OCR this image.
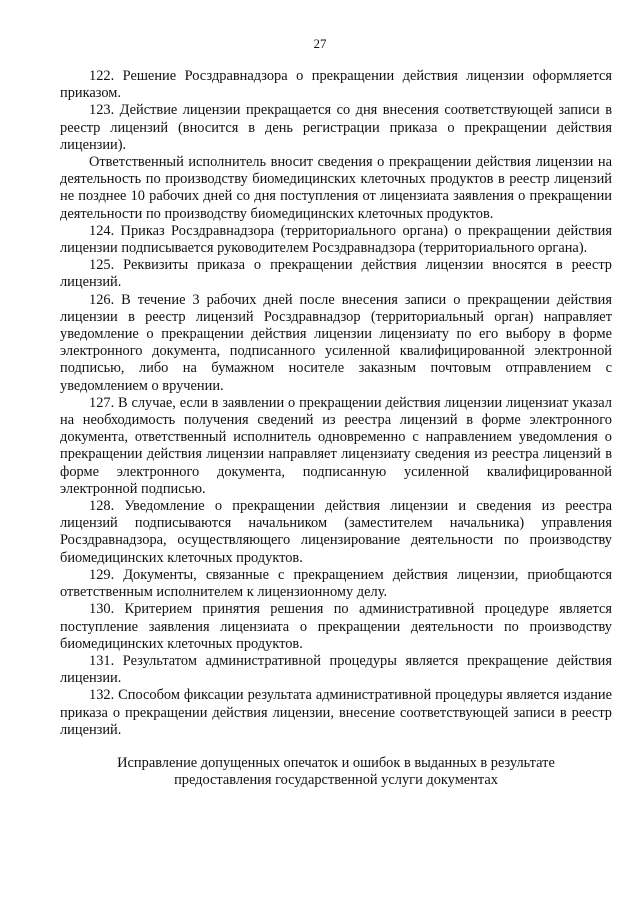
27

122. Решение Росздравнадзора о прекращении действия лицензии оформляется приказом.

123. Действие лицензии прекращается со дня внесения соответствующей записи в реестр лицензий (вносится в день регистрации приказа о прекращении действия лицензии).

Ответственный исполнитель вносит сведения о прекращении действия лицензии на деятельность по производству биомедицинских клеточных продуктов в реестр лицензий не позднее 10 рабочих дней со дня поступления от лицензиата заявления о прекращении деятельности по производству биомедицинских клеточных продуктов.

124. Приказ Росздравнадзора (территориального органа) о прекращении действия лицензии подписывается руководителем Росздравнадзора (территориального органа).

125. Реквизиты приказа о прекращении действия лицензии вносятся в реестр лицензий.

126. В течение 3 рабочих дней после внесения записи о прекращении действия лицензии в реестр лицензий Росздравнадзор (территориальный орган) направляет уведомление о прекращении действия лицензии лицензиату по его выбору в форме электронного документа, подписанного усиленной квалифицированной электронной подписью, либо на бумажном носителе заказным почтовым отправлением с уведомлением о вручении.

127. В случае, если в заявлении о прекращении действия лицензии лицензиат указал на необходимость получения сведений из реестра лицензий в форме электронного документа, ответственный исполнитель одновременно с направлением уведомления о прекращении действия лицензии направляет лицензиату сведения из реестра лицензий в форме электронного документа, подписанную усиленной квалифицированной электронной подписью.

128. Уведомление о прекращении действия лицензии и сведения из реестра лицензий подписываются начальником (заместителем начальника) управления Росздравнадзора, осуществляющего лицензирование деятельности по производству биомедицинских клеточных продуктов.

129. Документы, связанные с прекращением действия лицензии, приобщаются ответственным исполнителем к лицензионному делу.

130. Критерием принятия решения по административной процедуре является поступление заявления лицензиата о прекращении деятельности по производству биомедицинских клеточных продуктов.

131. Результатом административной процедуры является прекращение действия лицензии.

132. Способом фиксации результата административной процедуры является издание приказа о прекращении действия лицензии, внесение соответствующей записи в реестр лицензий.

Исправление допущенных опечаток и ошибок в выданных в результате
предоставления государственной услуги документах
